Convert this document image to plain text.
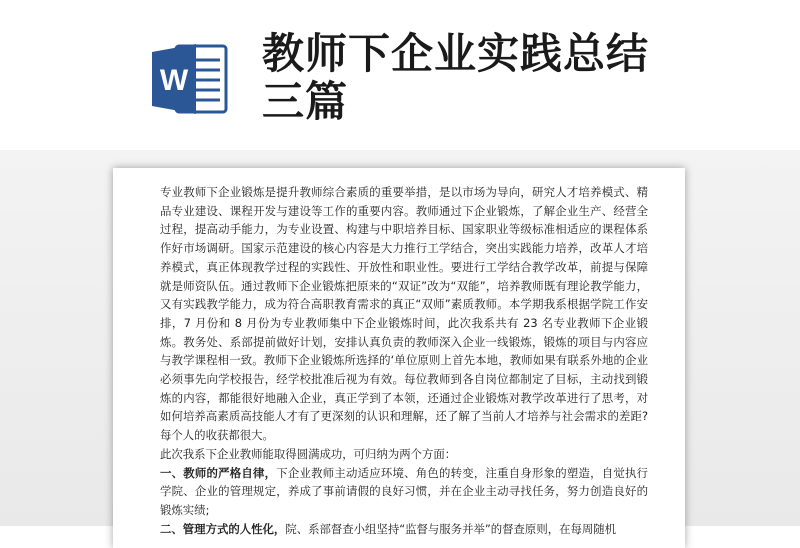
W
教师下企业实践总结
三篇

专业教师下企业锻炼是提升教师综合素质的重要举措，是以市场为导向，研究人才培养模式、精品专业建设、课程开发与建设等工作的重要内容。教师通过下企业锻炼，了解企业生产、经营全过程，提高动手能力，为专业设置、构建与中职培养目标、国家职业等级标准相适应的课程体系作好市场调研。国家示范建设的核心内容是大力推行工学结合，突出实践能力培养，改革人才培养模式，真正体现教学过程的实践性、开放性和职业性。要进行工学结合教学改革，前提与保障就是师资队伍。通过教师下企业锻炼把原来的“双证”改为“双能”，培养教师既有理论教学能力，又有实践教学能力，成为符合高职教育需求的真正“双师”素质教师。本学期我系根据学院工作安排，7 月份和 8 月份为专业教师集中下企业锻炼时间，此次我系共有 23 名专业教师下企业锻炼。教务处、系部提前做好计划，安排认真负责的教师深入企业一线锻炼，锻炼的项目与内容应与教学课程相一致。教师下企业锻炼所选择的‘单位原则上首先本地，教师如果有联系外地的企业必须事先向学校报告，经学校批准后视为有效。每位教师到各自岗位都制定了目标，主动找到锻炼的内容，都能很好地融入企业，真正学到了本领，还通过企业锻炼对教学改革进行了思考，对如何培养高素质高技能人才有了更深刻的认识和理解，还了解了当前人才培养与社会需求的差距?每个人的收获都很大。

此次我系下企业教师能取得圆满成功，可归纳为两个方面：

一、教师的严格自律，下企业教师主动适应环境、角色的转变，注重自身形象的塑造，自觉执行学院、企业的管理规定，养成了事前请假的良好习惯，并在企业主动寻找任务，努力创造良好的锻炼实绩;

二、管理方式的人性化，院、系部督查小组坚持“监督与服务并举”的督查原则，在每周随机
